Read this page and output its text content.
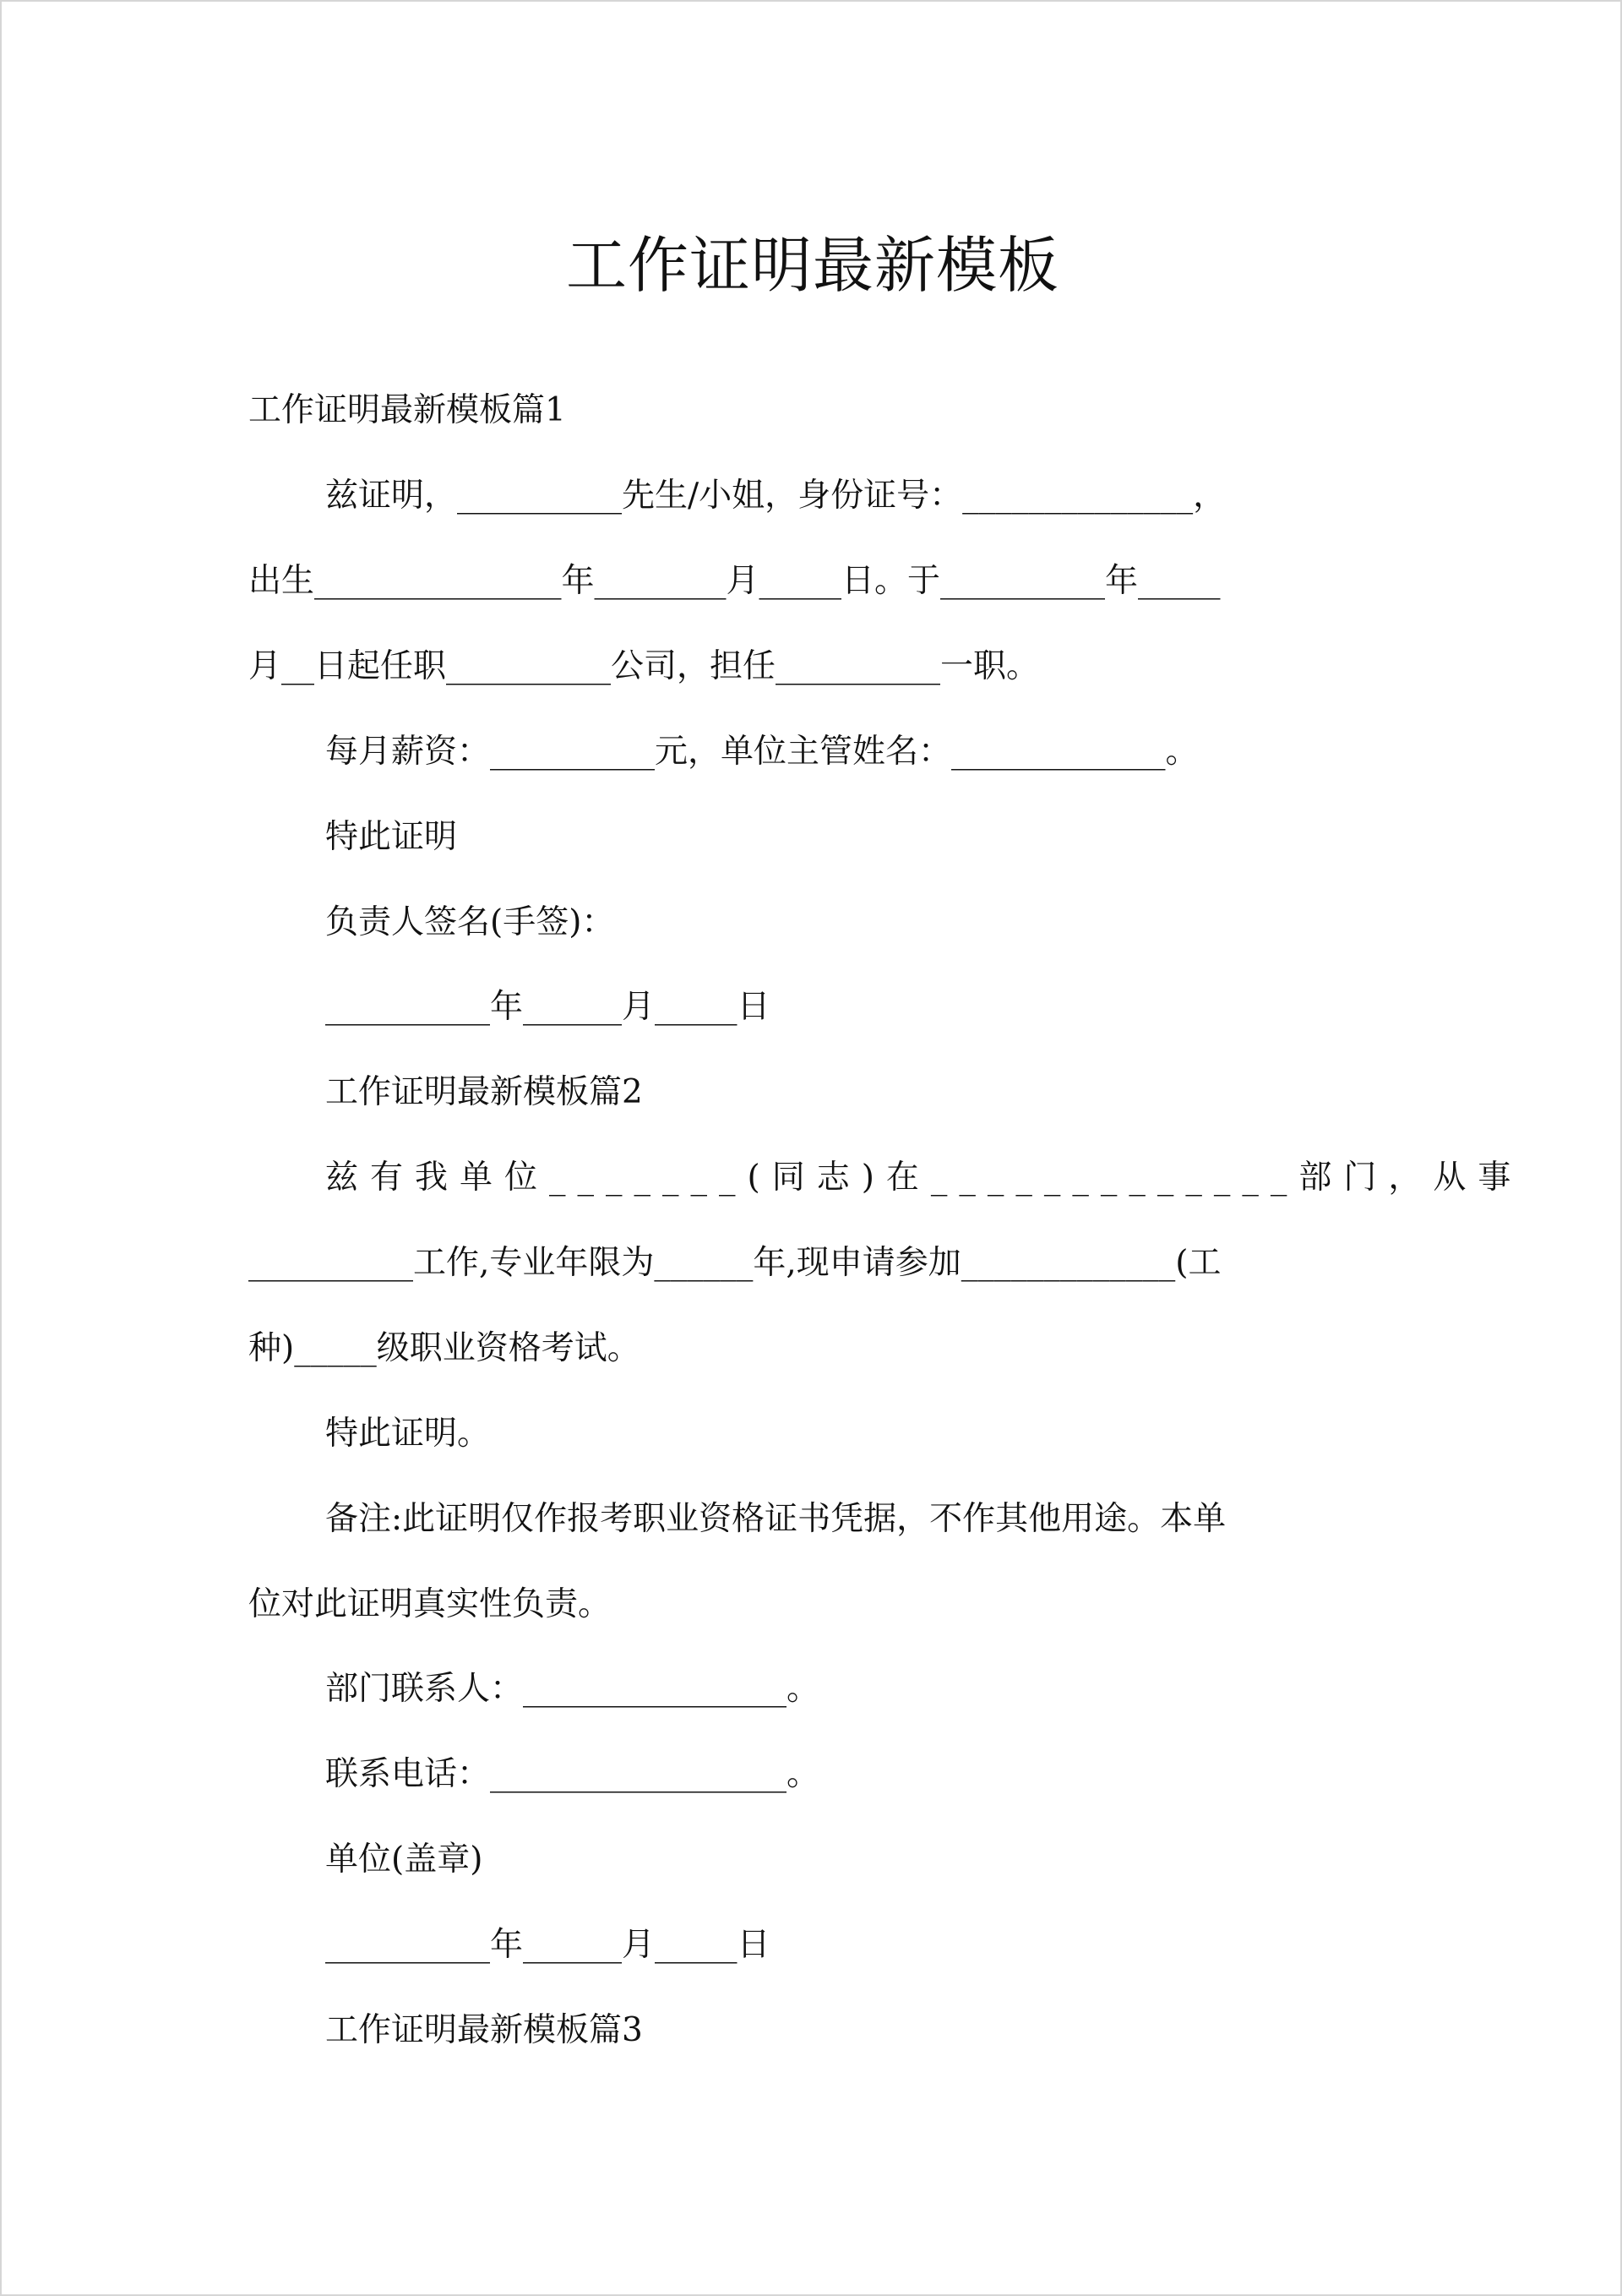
工作证明最新模板
工作证明最新模板篇1
兹证明，__________先生/小姐，身份证号：______________，
出生_______________年________月_____日。于__________年_____
月__日起任职__________公司，担任__________一职。
每月薪资：__________元，单位主管姓名：_____________。
特此证明
负责人签名(手签)：
__________年______月_____日
工作证明最新模板篇2
兹有我单位_______(同志)在_____________部门，从事
__________工作,专业年限为______年,现申请参加_____________(工
种)_____级职业资格考试。
特此证明。
备注:此证明仅作报考职业资格证书凭据，不作其他用途。本单
位对此证明真实性负责。
部门联系人：________________。
联系电话：__________________。
单位(盖章)
__________年______月_____日
工作证明最新模板篇3
